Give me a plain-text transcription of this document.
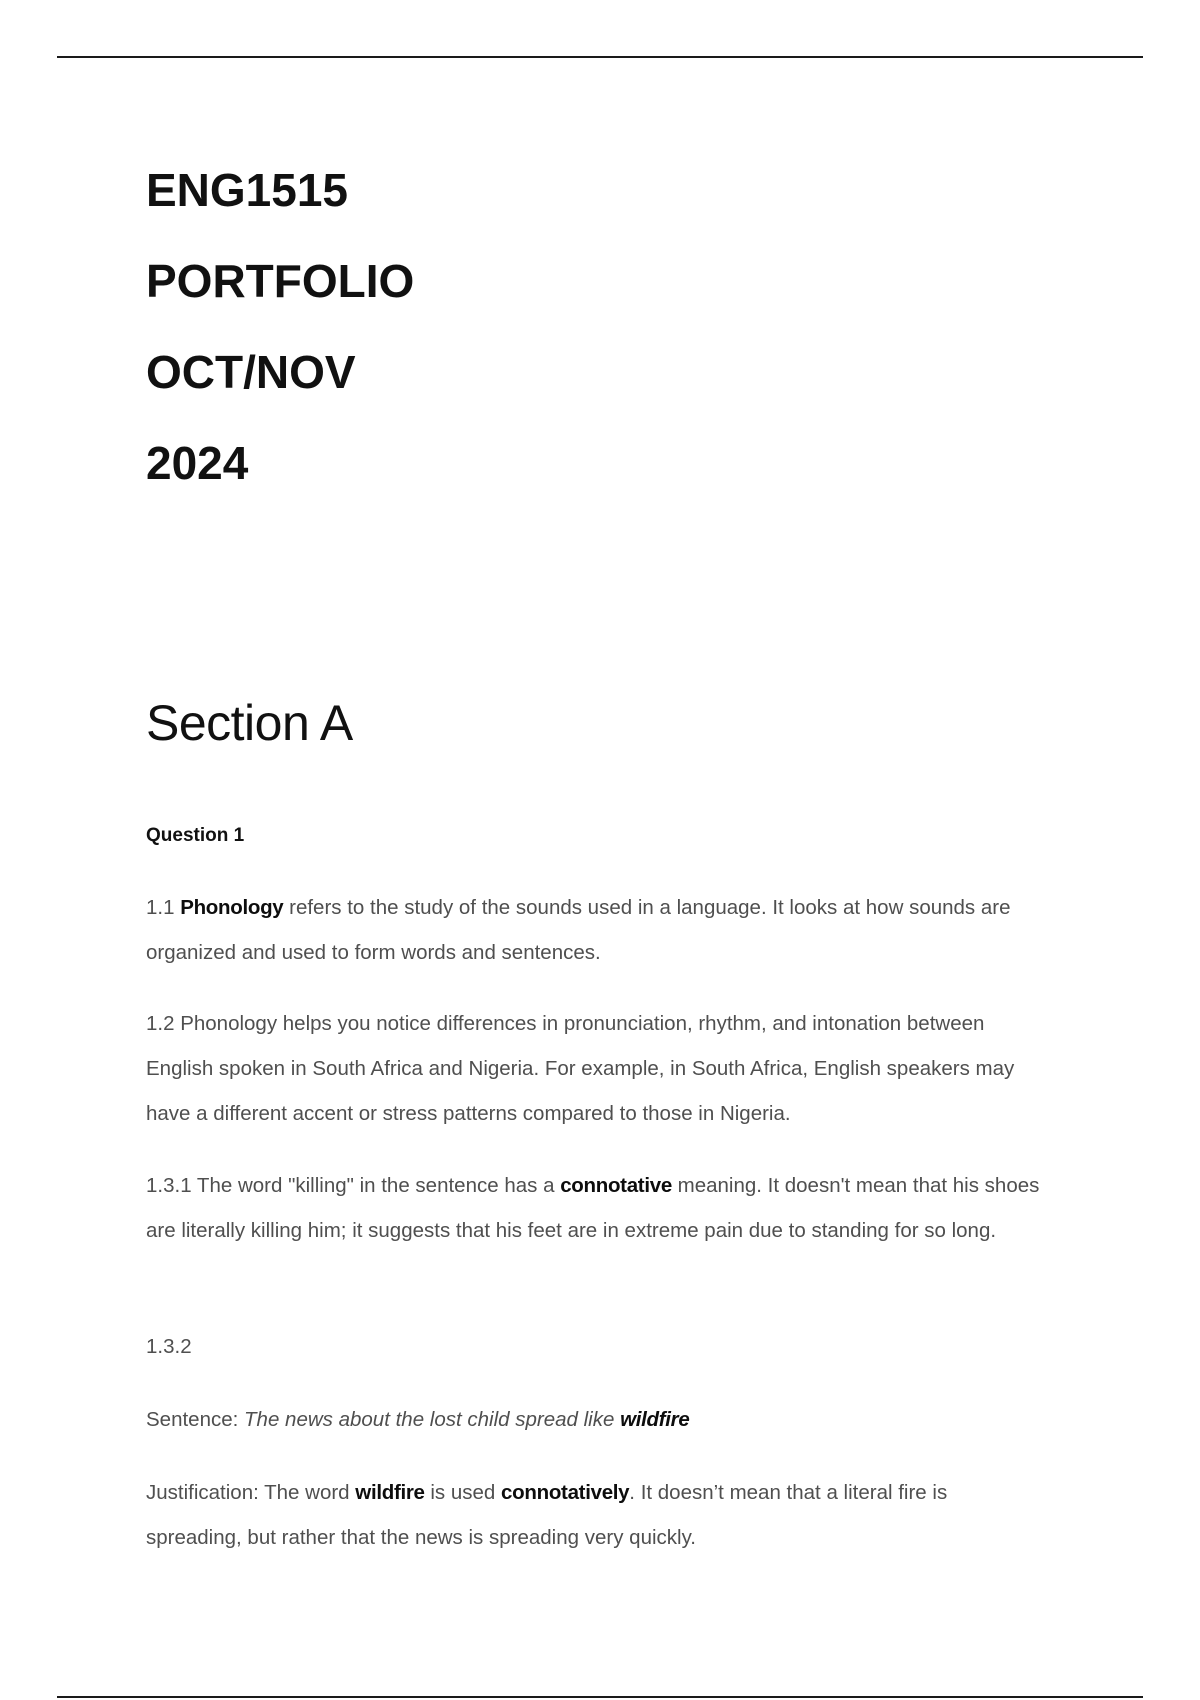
ENG1515
PORTFOLIO
OCT/NOV
2024
Section A
Question 1
1.1 Phonology refers to the study of the sounds used in a language. It looks at how sounds are organized and used to form words and sentences.
1.2 Phonology helps you notice differences in pronunciation, rhythm, and intonation between English spoken in South Africa and Nigeria. For example, in South Africa, English speakers may have a different accent or stress patterns compared to those in Nigeria.
1.3.1 The word "killing" in the sentence has a connotative meaning. It doesn't mean that his shoes are literally killing him; it suggests that his feet are in extreme pain due to standing for so long.
1.3.2
Sentence: The news about the lost child spread like wildfire
Justification: The word wildfire is used connotatively. It doesn’t mean that a literal fire is spreading, but rather that the news is spreading very quickly.
